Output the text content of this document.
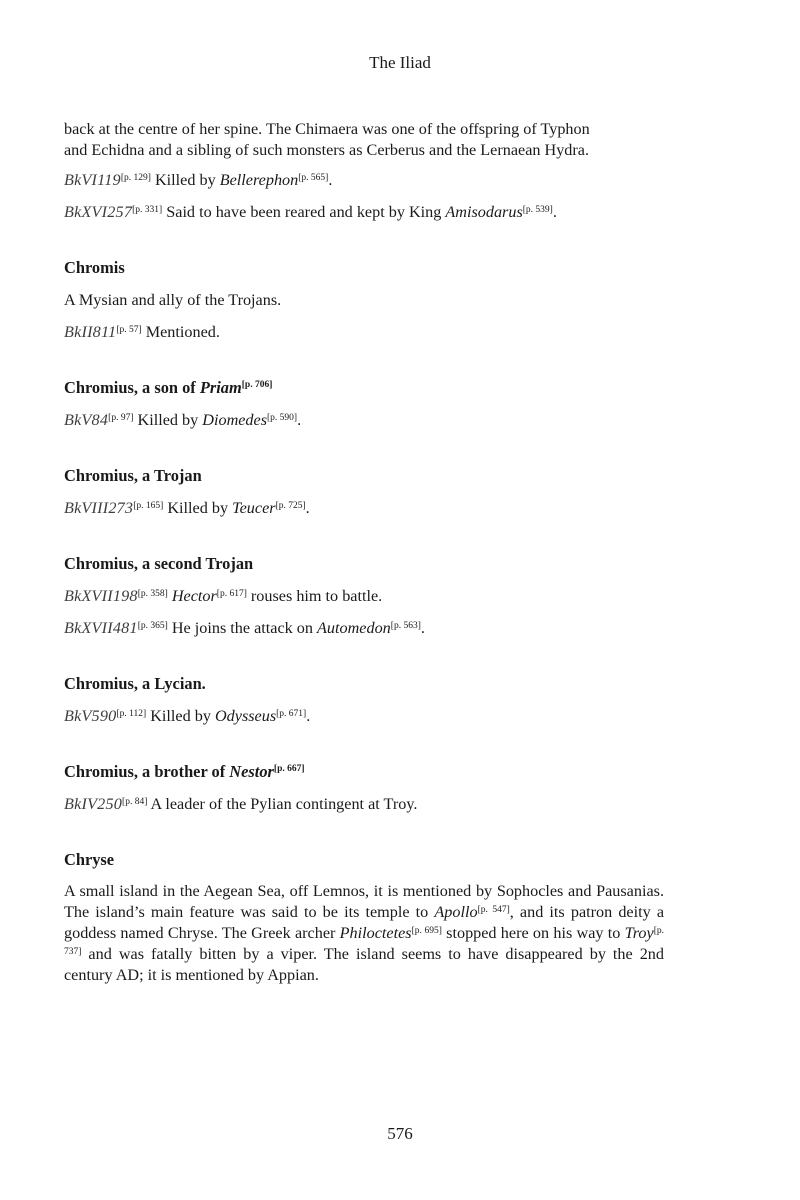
The Iliad

back at the centre of her spine. The Chimaera was one of the offspring of Typhon
and Echidna and a sibling of such monsters as Cerberus and the Lernaean Hydra.

BkVI119[p. 129] Killed by Bellerephon[p. 565].

BkXVI257[p. 331] Said to have been reared and kept by King Amisodarus[p. 539].

Chromis

A Mysian and ally of the Trojans.

BkII811[p. 57] Mentioned.

Chromius, a son of Priam[p. 706]

BkV84[p. 97] Killed by Diomedes[p. 590].

Chromius, a Trojan

BkVIII273[p. 165] Killed by Teucer[p. 725].

Chromius, a second Trojan

BkXVII198[p. 358] Hector[p. 617] rouses him to battle.

BkXVII481[p. 365] He joins the attack on Automedon[p. 563].

Chromius, a Lycian.

BkV590[p. 112] Killed by Odysseus[p. 671].

Chromius, a brother of Nestor[p. 667]

BkIV250[p. 84] A leader of the Pylian contingent at Troy.

Chryse

A small island in the Aegean Sea, off Lemnos, it is mentioned by Sophocles and Pausanias. The island’s main feature was said to be its temple to Apollo[p. 547], and its patron deity a goddess named Chryse. The Greek archer Philoctetes[p. 695] stopped here on his way to Troy[p. 737] and was fatally bitten by a viper. The island seems to have disappeared by the 2nd century AD; it is mentioned by Appian.

576
